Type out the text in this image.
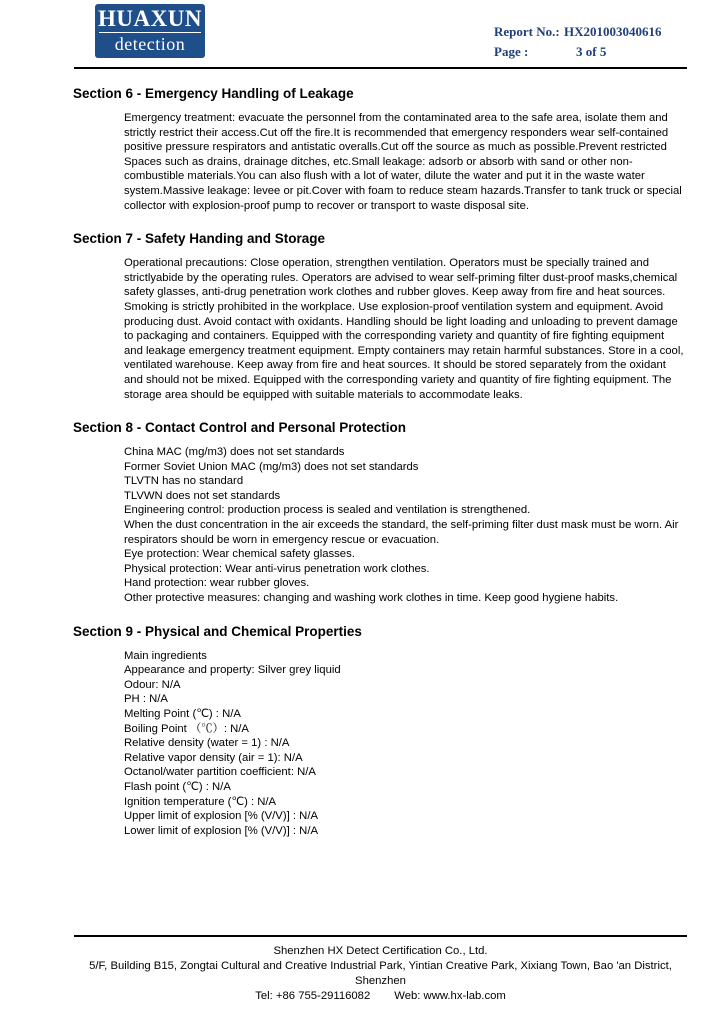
HUAXUN
detection
Report No.: HX201003040616
Page :	3 of 5
Section 6 - Emergency Handling of Leakage

Emergency treatment: evacuate the personnel from the contaminated area to the safe area, isolate them and strictly restrict their access.Cut off the fire.It is recommended that emergency responders wear self-contained positive pressure respirators and antistatic overalls.Cut off the source as much as possible.Prevent restricted Spaces such as drains, drainage ditches, etc.Small leakage: adsorb or absorb with sand or other non-combustible materials.You can also flush with a lot of water, dilute the water and put it in the waste water system.Massive leakage: levee or pit.Cover with foam to reduce steam hazards.Transfer to tank truck or special collector with explosion-proof pump to recover or transport to waste disposal site.

Section 7 - Safety Handing and Storage

Operational precautions: Close operation, strengthen ventilation. Operators must be specially trained and strictlyabide by the operating rules. Operators are advised to wear self-priming filter dust-proof masks,chemical safety glasses, anti-drug penetration work clothes and rubber gloves. Keep away from fire and heat sources. Smoking is strictly prohibited in the workplace. Use explosion-proof ventilation system and equipment. Avoid producing dust. Avoid contact with oxidants. Handling should be light loading and unloading to prevent damage to packaging and containers. Equipped with the corresponding variety and quantity of fire fighting equipment and leakage emergency treatment equipment. Empty containers may retain harmful substances. Store in a cool, ventilated warehouse. Keep away from fire and heat sources. It should be stored separately from the oxidant and should not be mixed. Equipped with the corresponding variety and quantity of fire fighting equipment. The storage area should be equipped with suitable materials to accommodate leaks.

Section 8 - Contact Control and Personal Protection
China MAC (mg/m3) does not set standards
Former Soviet Union MAC (mg/m3) does not set standards
TLVTN has no standard
TLVWN does not set standards
Engineering control: production process is sealed and ventilation is strengthened.
When the dust concentration in the air exceeds the standard, the self-priming filter dust mask must be worn. Air respirators should be worn in emergency rescue or evacuation.
Eye protection: Wear chemical safety glasses.
Physical protection: Wear anti-virus penetration work clothes.
Hand protection: wear rubber gloves.
Other protective measures: changing and washing work clothes in time. Keep good hygiene habits.
Section 9 - Physical and Chemical Properties
Main ingredients
Appearance and property: Silver grey liquid
Odour: N/A
PH : N/A
Melting Point (℃) : N/A
Boiling Point （℃）: N/A
Relative density (water = 1) : N/A
Relative vapor density (air = 1): N/A
Octanol/water partition coefficient: N/A
Flash point (℃) : N/A
Ignition temperature (℃) : N/A
Upper limit of explosion [% (V/V)] : N/A
Lower limit of explosion [% (V/V)] : N/A
Shenzhen HX Detect Certification Co., Ltd.
5/F, Building B15, Zongtai Cultural and Creative Industrial Park, Yintian Creative Park, Xixiang Town, Bao 'an District, Shenzhen
Tel: +86 755-29116082 Web: www.hx-lab.com
